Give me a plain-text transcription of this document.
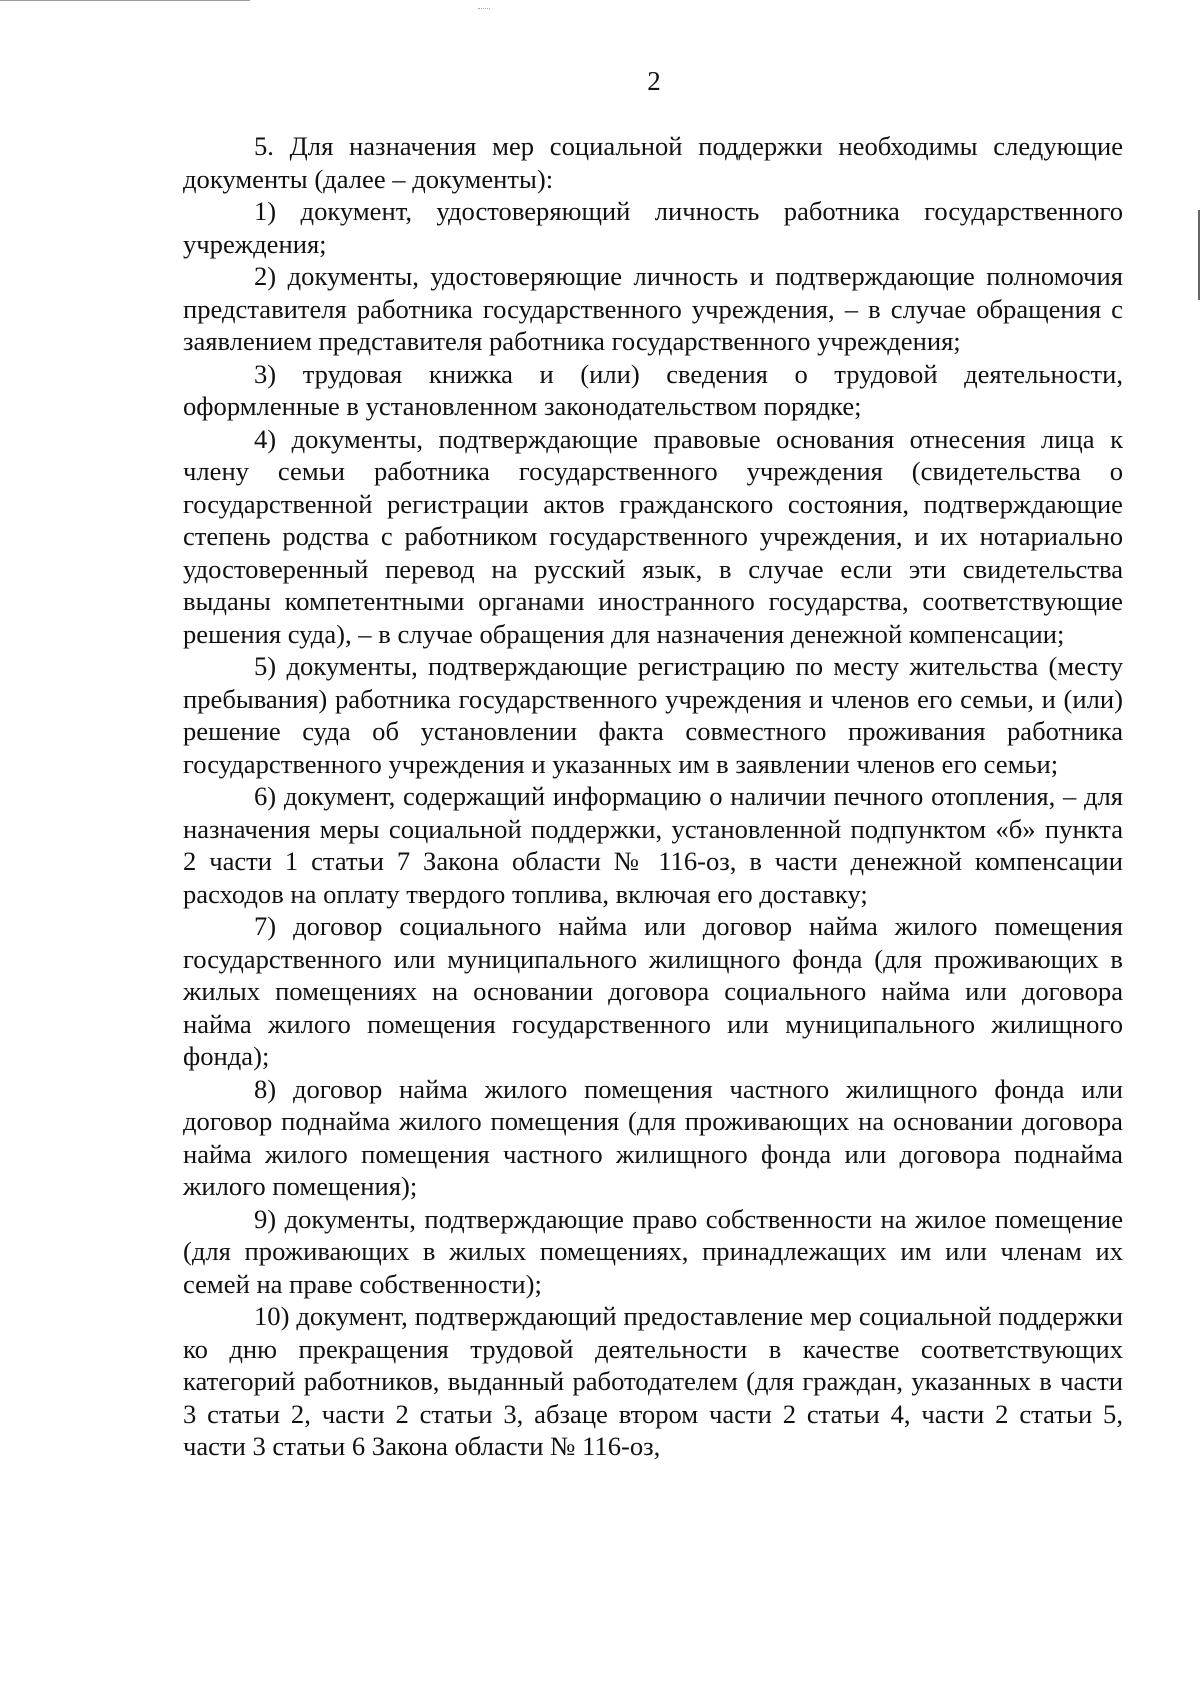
2

5. Для назначения мер социальной поддержки необходимы следующие документы (далее – документы):

1) документ, удостоверяющий личность работника государственного учреждения;

2) документы, удостоверяющие личность и подтверждающие полномочия представителя работника государственного учреждения, – в случае обращения с заявлением представителя работника государственного учреждения;

3) трудовая книжка и (или) сведения о трудовой деятельности, оформленные в установленном законодательством порядке;

4) документы, подтверждающие правовые основания отнесения лица к члену семьи работника государственного учреждения (свидетельства о государственной регистрации актов гражданского состояния, подтверждающие степень родства с работником государственного учреждения, и их нотариально удостоверенный перевод на русский язык, в случае если эти свидетельства выданы компетентными органами иностранного государства, соответствующие решения суда), – в случае обращения для назначения денежной компенсации;

5) документы, подтверждающие регистрацию по месту жительства (месту пребывания) работника государственного учреждения и членов его семьи, и (или) решение суда об установлении факта совместного проживания работника государственного учреждения и указанных им в заявлении членов его семьи;

6) документ, содержащий информацию о наличии печного отопления, – для назначения меры социальной поддержки, установленной подпунктом «б» пункта 2 части 1 статьи 7 Закона области № 116-оз, в части денежной компенсации расходов на оплату твердого топлива, включая его доставку;

7) договор социального найма или договор найма жилого помещения государственного или муниципального жилищного фонда (для проживающих в жилых помещениях на основании договора социального найма или договора найма жилого помещения государственного или муниципального жилищного фонда);

8) договор найма жилого помещения частного жилищного фонда или договор поднайма жилого помещения (для проживающих на основании договора найма жилого помещения частного жилищного фонда или договора поднайма жилого помещения);

9) документы, подтверждающие право собственности на жилое помещение (для проживающих в жилых помещениях, принадлежащих им или членам их семей на праве собственности);

10) документ, подтверждающий предоставление мер социальной поддержки ко дню прекращения трудовой деятельности в качестве соответствующих категорий работников, выданный работодателем (для граждан, указанных в части 3 статьи 2, части 2 статьи 3, абзаце втором части 2 статьи 4, части 2 статьи 5, части 3 статьи 6 Закона области № 116-оз,
